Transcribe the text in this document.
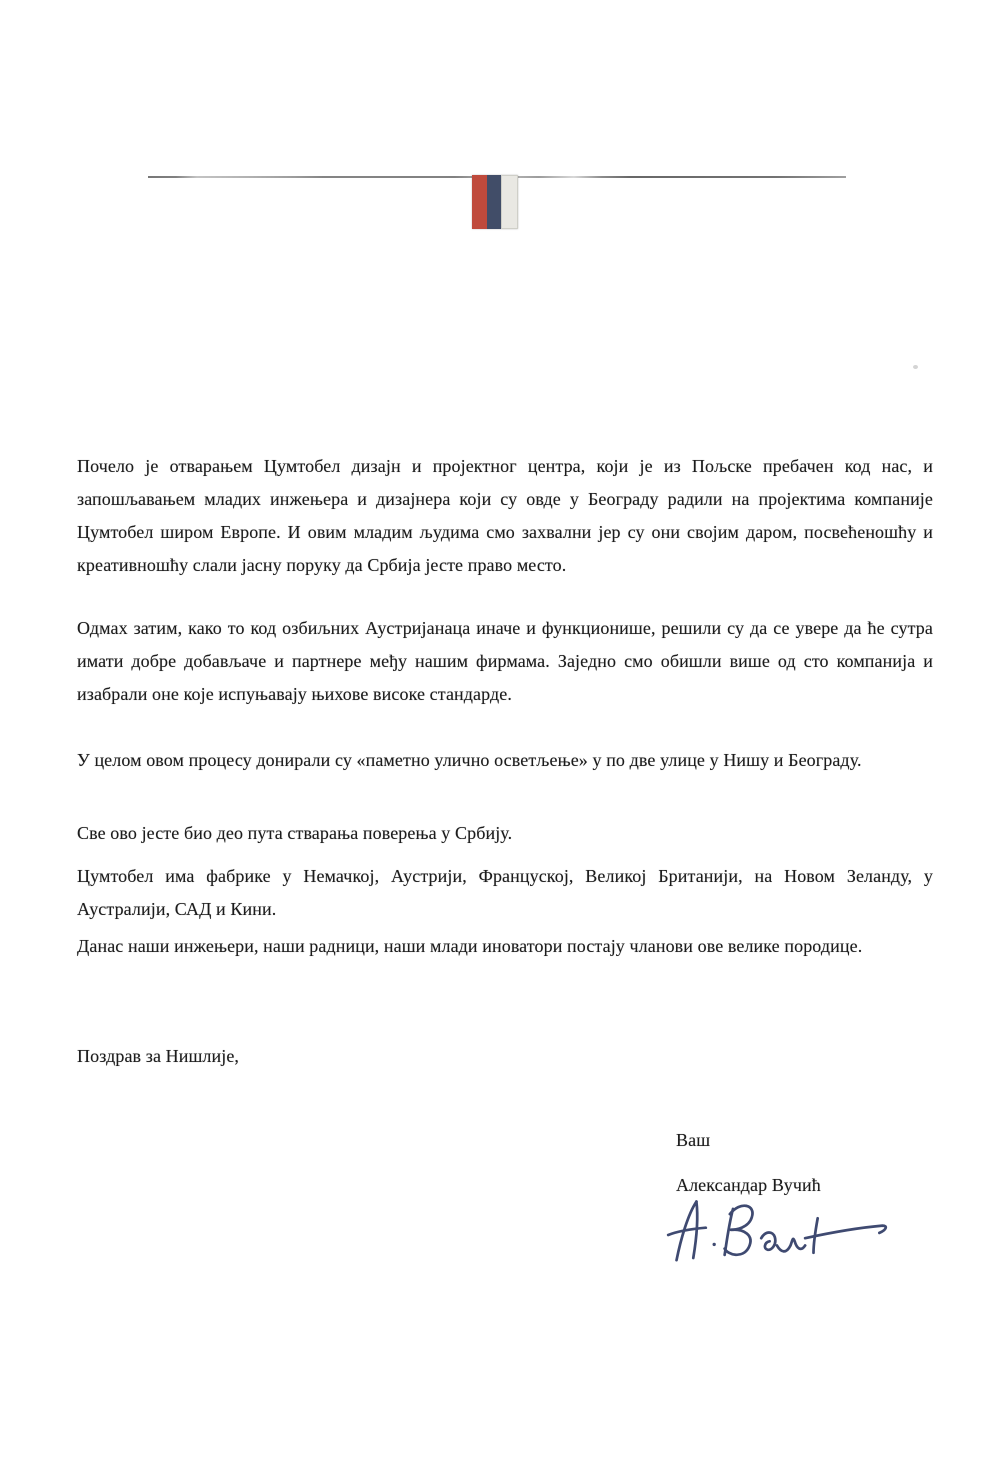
Почело је отварањем Цумтобел дизајн и пројектног центра, који је из Пољске пребачен код нас, и запошљавањем младих инжењера и дизајнера који су овде у Београду радили на пројектима компаније Цумтобел широм Европе. И овим младим људима смо захвални јер су они својим даром, посвећеношћу и креативношћу слали јасну поруку да Србија јесте право место.

Одмах затим, како то код озбиљних Аустријанаца иначе и функционише, решили су да се увере да ће сутра имати добре добављаче и партнере међу нашим фирмама. Заједно смо обишли више од сто компанија и изабрали оне које испуњавају њихове високе стандарде.

У целом овом процесу донирали су «паметно улично осветљење» у по две улице у Нишу и Београду.

Све ово јесте био део пута стварања поверења у Србију.

Цумтобел има фабрике у Немачкој, Аустрији, Француској, Великој Британији, на Новом Зеланду, у Аустралији, САД и Кини.

Данас наши инжењери, наши радници, наши млади иноватори постају чланови ове велике породице.

Поздрав за Нишлије,

Ваш

Александар Вучић
